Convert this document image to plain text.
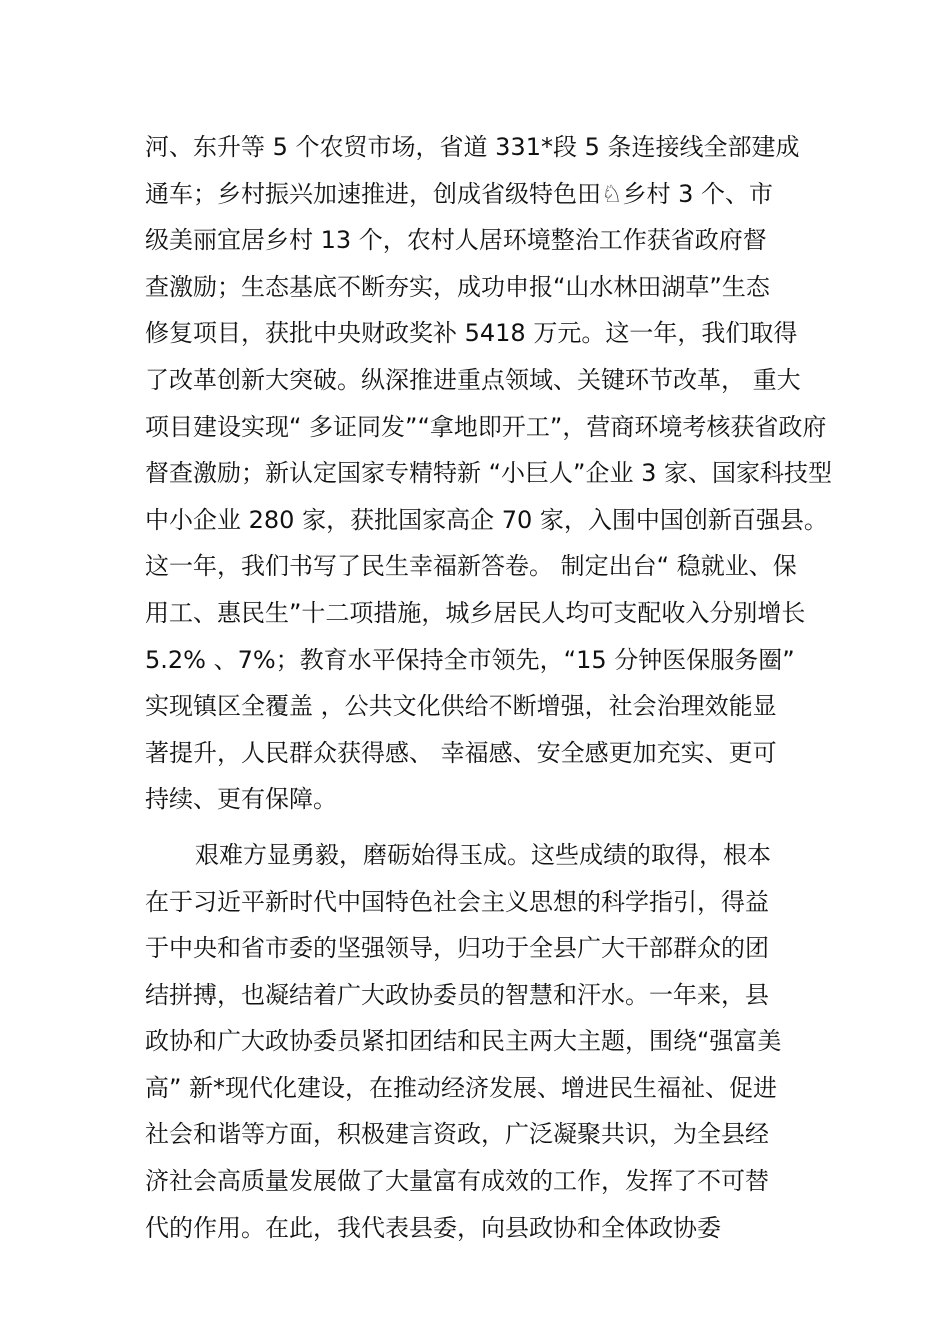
河、东升等 5 个农贸市场，省道 331*段 5 条连接线全部建成
通车；乡村振兴加速推进，创成省级特色田♘乡村 3 个、市
级美丽宜居乡村 13 个，农村人居环境整治工作获省政府督
查激励；生态基底不断夯实，成功申报“山水林田湖草”生态
修复项目，获批中央财政奖补 5418 万元。这一年，我们取得
了改革创新大突破。纵深推进重点领域、关键环节改革， 重大
项目建设实现“ 多证同发”“拿地即开工”，营商环境考核获省政府
督查激励；新认定国家专精特新 “小巨人”企业 3 家、国家科技型
中小企业 280 家，获批国家高企 70 家，入围中国创新百强县。
这一年，我们书写了民生幸福新答卷。 制定出台“ 稳就业、保
用工、惠民生”十二项措施，城乡居民人均可支配收入分别增长
5.2% 、7%；教育水平保持全市领先，“15 分钟医保服务圈”
实现镇区全覆盖 ，公共文化供给不断增强，社会治理效能显
著提升，人民群众获得感、 幸福感、安全感更加充实、更可
持续、更有保障。
艰难方显勇毅，磨砺始得玉成。这些成绩的取得，根本
在于习近平新时代中国特色社会主义思想的科学指引，得益
于中央和省市委的坚强领导，归功于全县广大干部群众的团
结拼搏，也凝结着广大政协委员的智慧和汗水。一年来，县
政协和广大政协委员紧扣团结和民主两大主题，围绕“强富美
高” 新*现代化建设，在推动经济发展、增进民生福祉、促进
社会和谐等方面，积极建言资政，广泛凝聚共识，为全县经
济社会高质量发展做了大量富有成效的工作，发挥了不可替
代的作用。在此，我代表县委，向县政协和全体政协委
